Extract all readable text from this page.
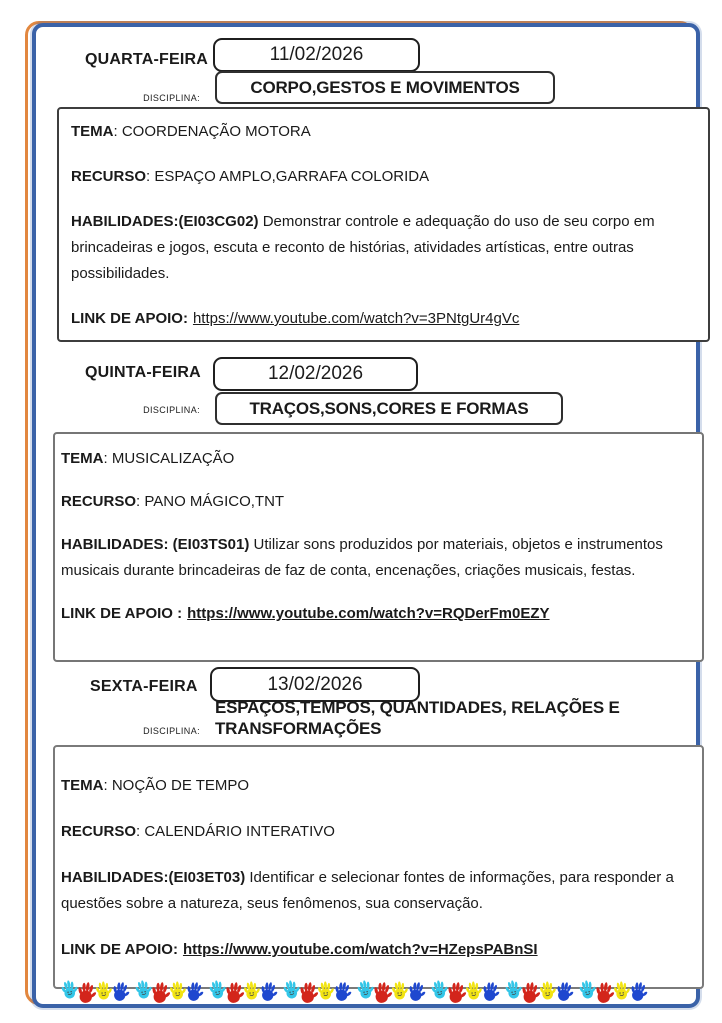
QUARTA-FEIRA	11/02/2026
DISCIPLINA:
CORPO,GESTOS E MOVIMENTOS

TEMA: COORDENAÇÃO MOTORA

RECURSO: ESPAÇO AMPLO,GARRAFA COLORIDA

HABILIDADES:(EI03CG02) Demonstrar controle e adequação do uso de seu corpo em brincadeiras e jogos, escuta e reconto de histórias, atividades artísticas, entre outras possibilidades.

LINK DE APOIO: https://www.youtube.com/watch?v=3PNtgUr4gVc

QUINTA-FEIRA	12/02/2026
DISCIPLINA:	TRAÇOS,SONS,CORES E FORMAS

TEMA: MUSICALIZAÇÃO

RECURSO: PANO MÁGICO,TNT

HABILIDADES: (EI03TS01) Utilizar sons produzidos por materiais, objetos e instrumentos musicais durante brincadeiras de faz de conta, encenações, criações musicais, festas.

LINK DE APOIO : https://www.youtube.com/watch?v=RQDerFm0EZY

SEXTA-FEIRA	13/02/2026
DISCIPLINA:
ESPAÇOS,TEMPOS, QUANTIDADES, RELAÇÕES E TRANSFORMAÇÕES

TEMA: NOÇÃO DE TEMPO

RECURSO: CALENDÁRIO INTERATIVO

HABILIDADES:(EI03ET03) Identificar e selecionar fontes de informações, para responder a questões sobre a natureza, seus fenômenos, sua conservação.

LINK DE APOIO: https://www.youtube.com/watch?v=HZepsPABnSI
